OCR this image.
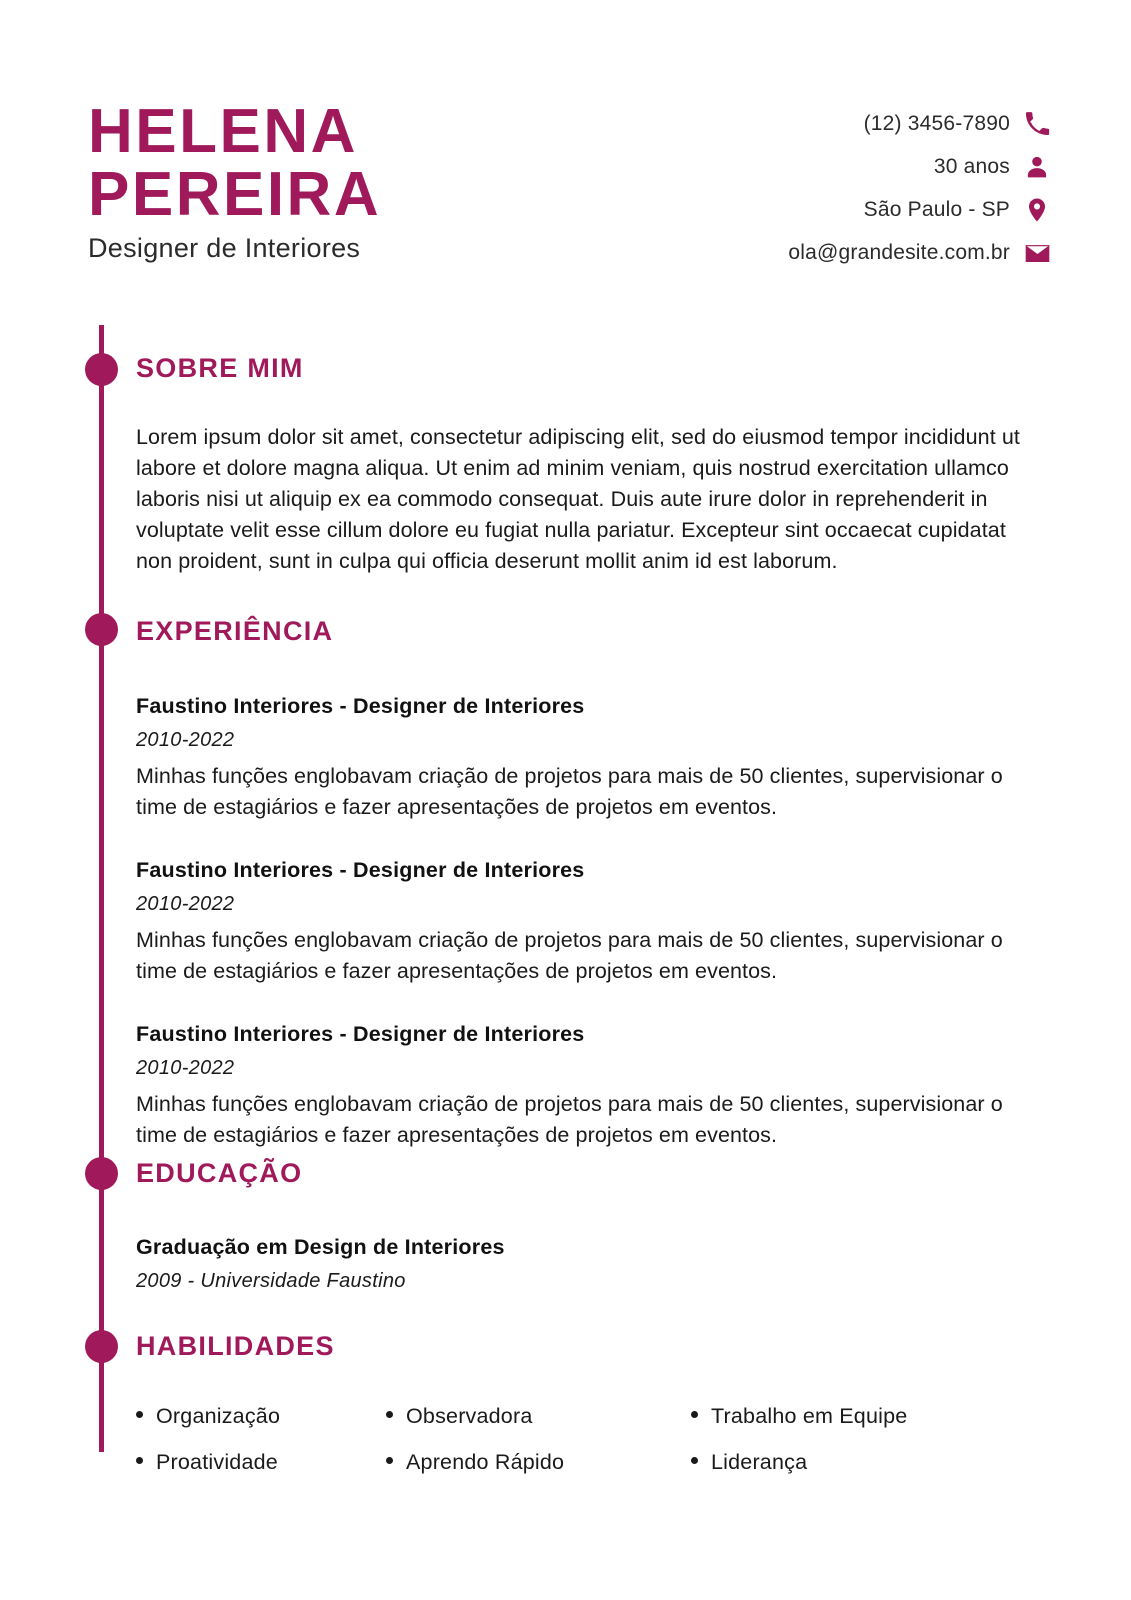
HELENA
PEREIRA
Designer de Interiores
(12) 3456-7890
30 anos
São Paulo - SP
ola@grandesite.com.br
SOBRE MIM
Lorem ipsum dolor sit amet, consectetur adipiscing elit, sed do eiusmod tempor incididunt ut labore et dolore magna aliqua. Ut enim ad minim veniam, quis nostrud exercitation ullamco laboris nisi ut aliquip ex ea commodo consequat. Duis aute irure dolor in reprehenderit in voluptate velit esse cillum dolore eu fugiat nulla pariatur. Excepteur sint occaecat cupidatat non proident, sunt in culpa qui officia deserunt mollit anim id est laborum.
EXPERIÊNCIA
Faustino Interiores - Designer de Interiores
2010-2022
Minhas funções englobavam criação de projetos para mais de 50 clientes, supervisionar o time de estagiários e fazer apresentações de projetos em eventos.
Faustino Interiores - Designer de Interiores
2010-2022
Minhas funções englobavam criação de projetos para mais de 50 clientes, supervisionar o time de estagiários e fazer apresentações de projetos em eventos.
Faustino Interiores - Designer de Interiores
2010-2022
Minhas funções englobavam criação de projetos para mais de 50 clientes, supervisionar o time de estagiários e fazer apresentações de projetos em eventos.
EDUCAÇÃO
Graduação em Design de Interiores
2009 - Universidade Faustino
HABILIDADES
Organização	Observadora	Trabalho em Equipe
Proatividade	Aprendo Rápido	Liderança
